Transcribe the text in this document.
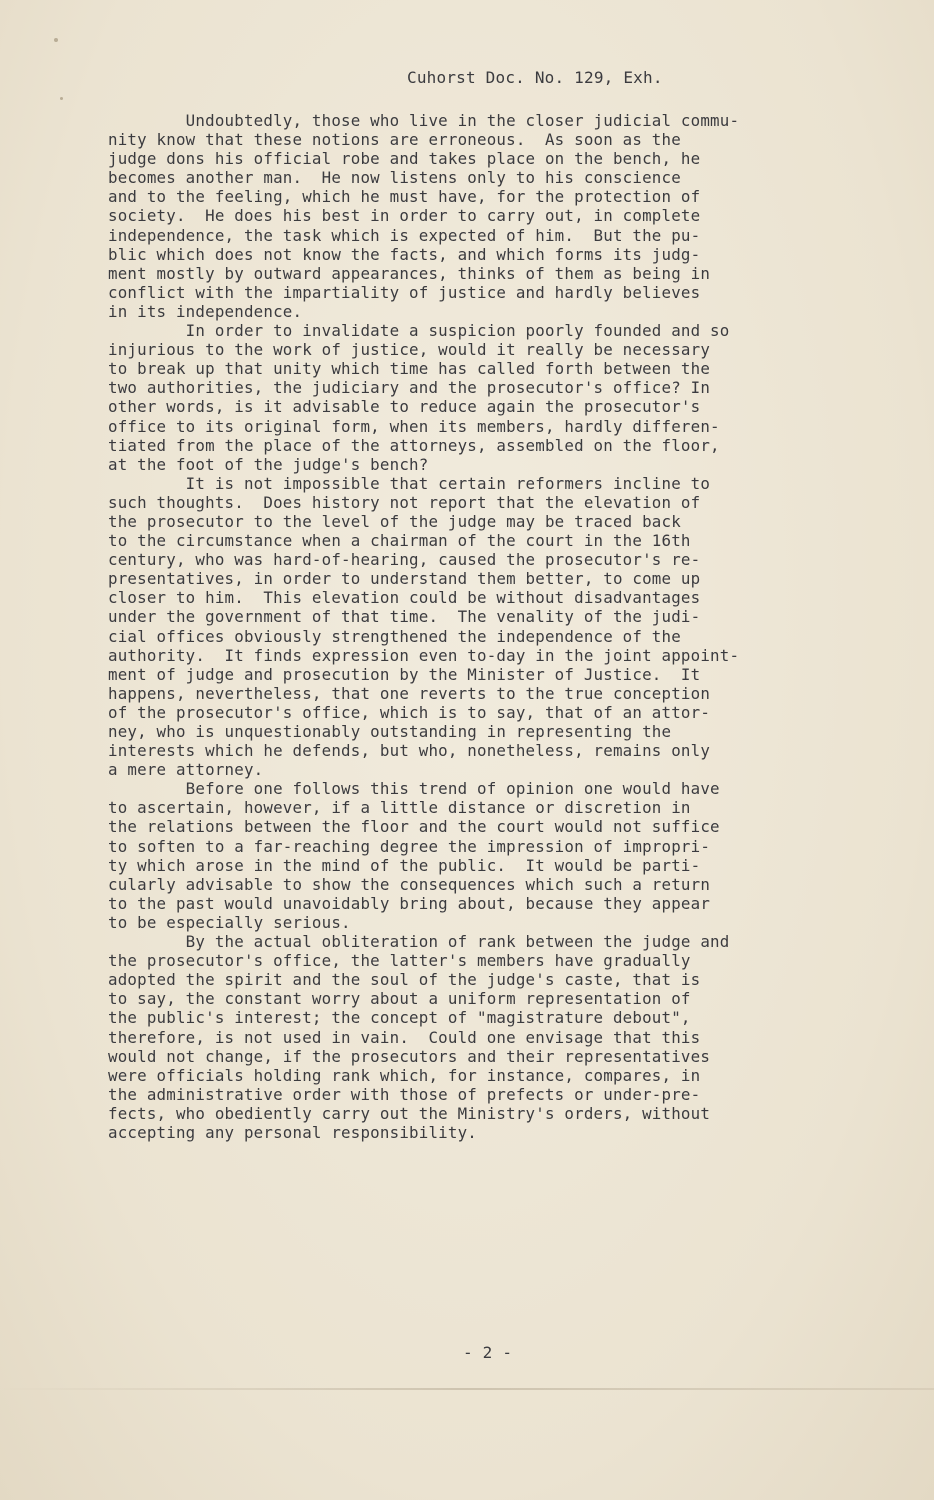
Cuhorst Doc. No. 129, Exh.
Undoubtedly, those who live in the closer judicial commu-
nity know that these notions are erroneous.  As soon as the
judge dons his official robe and takes place on the bench, he
becomes another man.  He now listens only to his conscience
and to the feeling, which he must have, for the protection of
society.  He does his best in order to carry out, in complete
independence, the task which is expected of him.  But the pu-
blic which does not know the facts, and which forms its judg-
ment mostly by outward appearances, thinks of them as being in
conflict with the impartiality of justice and hardly believes
in its independence.
In order to invalidate a suspicion poorly founded and so
injurious to the work of justice, would it really be necessary
to break up that unity which time has called forth between the
two authorities, the judiciary and the prosecutor's office? In
other words, is it advisable to reduce again the prosecutor's
office to its original form, when its members, hardly differen-
tiated from the place of the attorneys, assembled on the floor,
at the foot of the judge's bench?
It is not impossible that certain reformers incline to
such thoughts.  Does history not report that the elevation of
the prosecutor to the level of the judge may be traced back
to the circumstance when a chairman of the court in the 16th
century, who was hard-of-hearing, caused the prosecutor's re-
presentatives, in order to understand them better, to come up
closer to him.  This elevation could be without disadvantages
under the government of that time.  The venality of the judi-
cial offices obviously strengthened the independence of the
authority.  It finds expression even to-day in the joint appoint-
ment of judge and prosecution by the Minister of Justice.  It
happens, nevertheless, that one reverts to the true conception
of the prosecutor's office, which is to say, that of an attor-
ney, who is unquestionably outstanding in representing the
interests which he defends, but who, nonetheless, remains only
a mere attorney.
Before one follows this trend of opinion one would have
to ascertain, however, if a little distance or discretion in
the relations between the floor and the court would not suffice
to soften to a far-reaching degree the impression of impropri-
ty which arose in the mind of the public.  It would be parti-
cularly advisable to show the consequences which such a return
to the past would unavoidably bring about, because they appear
to be especially serious.
By the actual obliteration of rank between the judge and
the prosecutor's office, the latter's members have gradually
adopted the spirit and the soul of the judge's caste, that is
to say, the constant worry about a uniform representation of
the public's interest; the concept of "magistrature debout",
therefore, is not used in vain.  Could one envisage that this
would not change, if the prosecutors and their representatives
were officials holding rank which, for instance, compares, in
the administrative order with those of prefects or under-pre-
fects, who obediently carry out the Ministry's orders, without
accepting any personal responsibility.
- 2 -
